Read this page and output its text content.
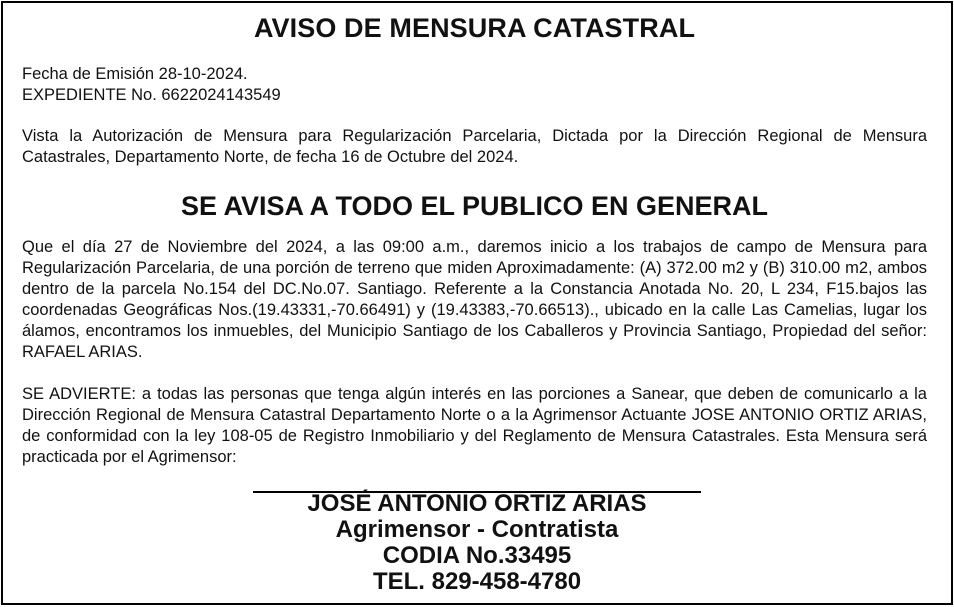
AVISO DE MENSURA CATASTRAL
Fecha de Emisión 28-10-2024.
EXPEDIENTE No. 6622024143549

Vista la Autorización de Mensura para Regularización Parcelaria, Dictada por la Dirección Regional de Mensura Catastrales, Departamento Norte, de fecha 16 de Octubre del 2024.

SE AVISA A TODO EL PUBLICO EN GENERAL

Que el día 27 de Noviembre del 2024, a las 09:00 a.m., daremos inicio a los trabajos de campo de Mensura para Regularización Parcelaria, de una porción de terreno que miden Aproximadamente: (A) 372.00 m2 y (B) 310.00 m2, ambos dentro de la parcela No.154 del DC.No.07. Santiago. Referente a la Constancia Anotada No. 20, L 234, F15.bajos las coordenadas Geográficas Nos.(19.43331,-70.66491) y (19.43383,-70.66513)., ubicado en la calle Las Camelias, lugar los álamos, encontramos los inmuebles, del Municipio Santiago de los Caballeros y Provincia Santiago, Propiedad del señor: RAFAEL ARIAS.

SE ADVIERTE: a todas las personas que tenga algún interés en las porciones a Sanear, que deben de comunicarlo a la Dirección Regional de Mensura Catastral Departamento Norte o a la Agrimensor Actuante JOSE ANTONIO ORTIZ ARIAS, de conformidad con la ley 108-05 de Registro Inmobiliario y del Reglamento de Mensura Catastrales. Esta Mensura será practicada por el Agrimensor:

JOSÉ ANTONIO ORTIZ ARIAS
Agrimensor - Contratista
CODIA No.33495
TEL. 829-458-4780
